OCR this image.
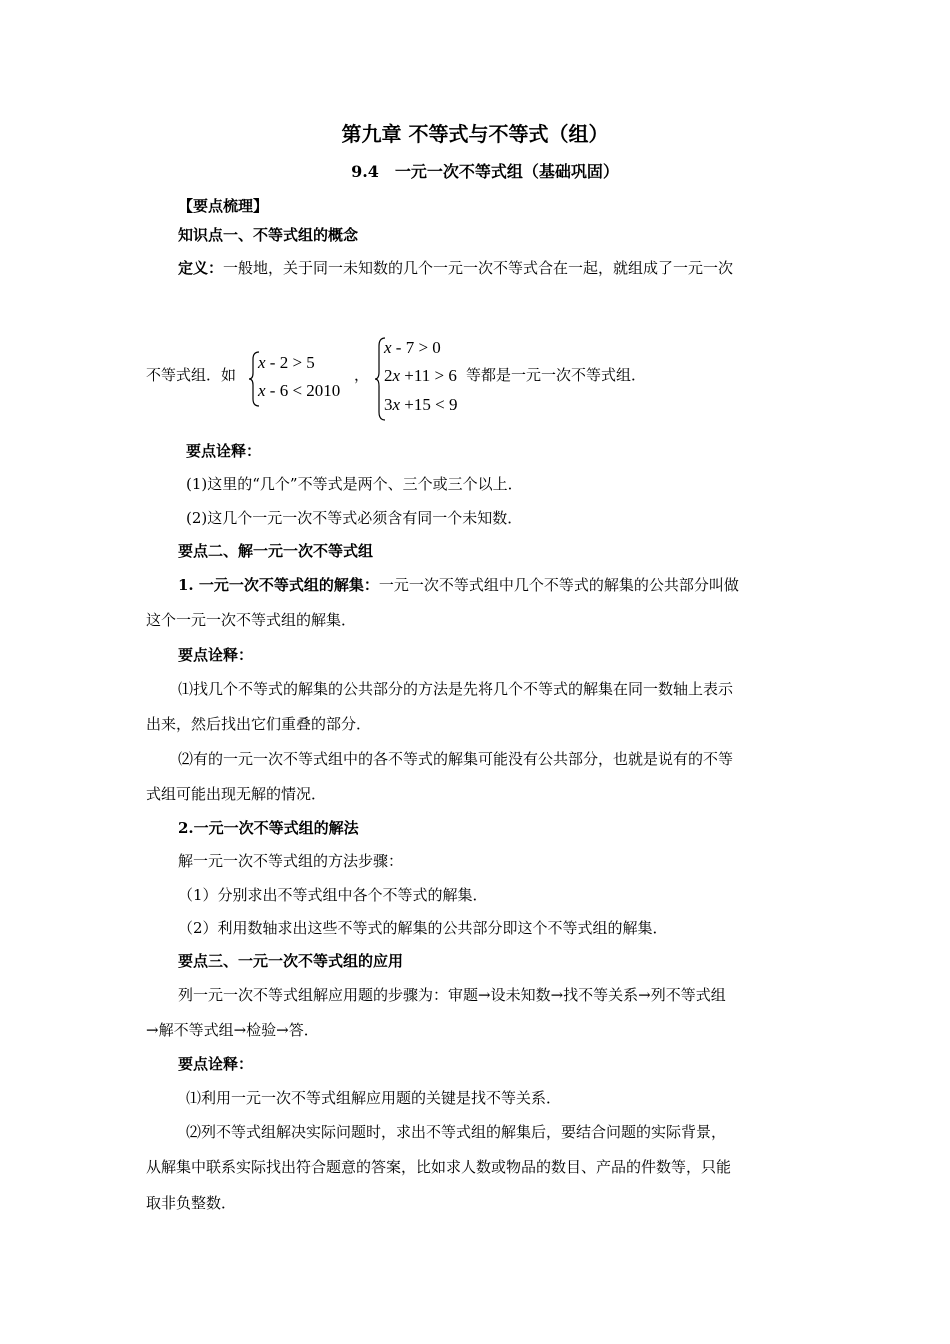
第九章 不等式与不等式（组）
9.4　一元一次不等式组（基础巩固）
【要点梳理】
知识点一、不等式组的概念
定义：一般地，关于同一未知数的几个一元一次不等式合在一起，就组成了一元一次
不等式组．如
x - 2 > 5
x - 6 < 2010
，
x - 7 > 0
2x +11 > 6
3x +15 < 9
等都是一元一次不等式组．
要点诠释：
(1)这里的“几个”不等式是两个、三个或三个以上．
(2)这几个一元一次不等式必须含有同一个未知数．
要点二、解一元一次不等式组
1. 一元一次不等式组的解集：一元一次不等式组中几个不等式的解集的公共部分叫做
这个一元一次不等式组的解集．
要点诠释：
⑴找几个不等式的解集的公共部分的方法是先将几个不等式的解集在同一数轴上表示
出来，然后找出它们重叠的部分．
⑵有的一元一次不等式组中的各不等式的解集可能没有公共部分，也就是说有的不等
式组可能出现无解的情况．
2.一元一次不等式组的解法
解一元一次不等式组的方法步骤：
（1）分别求出不等式组中各个不等式的解集．
（2）利用数轴求出这些不等式的解集的公共部分即这个不等式组的解集．
要点三、一元一次不等式组的应用
列一元一次不等式组解应用题的步骤为：审题→设未知数→找不等关系→列不等式组
→解不等式组→检验→答．
要点诠释：
⑴利用一元一次不等式组解应用题的关键是找不等关系．
⑵列不等式组解决实际问题时，求出不等式组的解集后，要结合问题的实际背景，
从解集中联系实际找出符合题意的答案，比如求人数或物品的数目、产品的件数等，只能
取非负整数．
